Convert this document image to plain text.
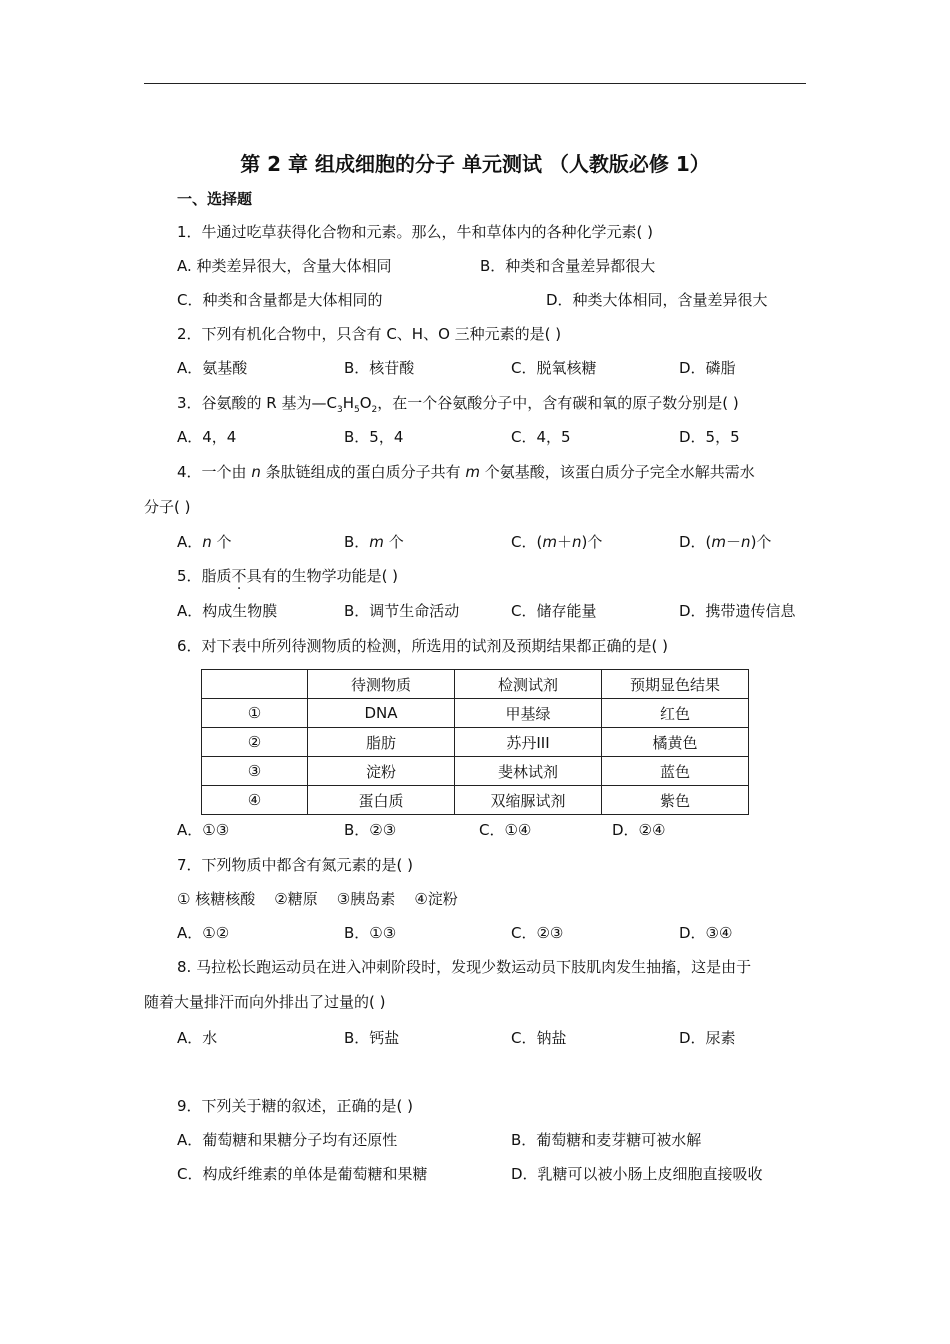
第 2 章 组成细胞的分子 单元测试 （人教版必修 1）
一、选择题
1．牛通过吃草获得化合物和元素。那么，牛和草体内的各种化学元素( )
A. 种类差异很大，含量大体相同	B．种类和含量差异都很大
C．种类和含量都是大体相同的	D．种类大体相同，含量差异很大
2．下列有机化合物中，只含有 C、H、O 三种元素的是( )
A．氨基酸	B．核苷酸	C．脱氧核糖	D．磷脂
3．谷氨酸的 R 基为$—C_3H_5O_2$，在一个谷氨酸分子中，含有碳和氧的原子数分别是( )
A．4，4	B．5，4	C．4，5	D．5，5
4．一个由 n 条肽链组成的蛋白质分子共有 m 个氨基酸，该蛋白质分子完全水解共需水
分子( )
A．n 个	B．m 个	C．(m＋n)个	D．(m－n)个
5．脂质不具有的生物学功能是( )
A．构成生物膜	B．调节生命活动	C．储存能量	D．携带遗传信息
6．对下表中所列待测物质的检测，所选用的试剂及预期结果都正确的是( )
	待测物质	检测试剂	预期显色结果
①	DNA	甲基绿	红色
②	脂肪	苏丹III	橘黄色
③	淀粉	斐林试剂	蓝色
④	蛋白质	双缩脲试剂	紫色
A．①③	B．②③	C．①④	D．②④
7．下列物质中都含有氮元素的是( )
① 核糖核酸    ②糖原    ③胰岛素    ④淀粉
A．①②	B．①③	C．②③	D．③④
8. 马拉松长跑运动员在进入冲刺阶段时，发现少数运动员下肢肌肉发生抽搐，这是由于
随着大量排汗而向外排出了过量的( )
A．水	B．钙盐	C．钠盐	D．尿素
9．下列关于糖的叙述，正确的是( )
A．葡萄糖和果糖分子均有还原性	B．葡萄糖和麦芽糖可被水解
C．构成纤维素的单体是葡萄糖和果糖	D．乳糖可以被小肠上皮细胞直接吸收
